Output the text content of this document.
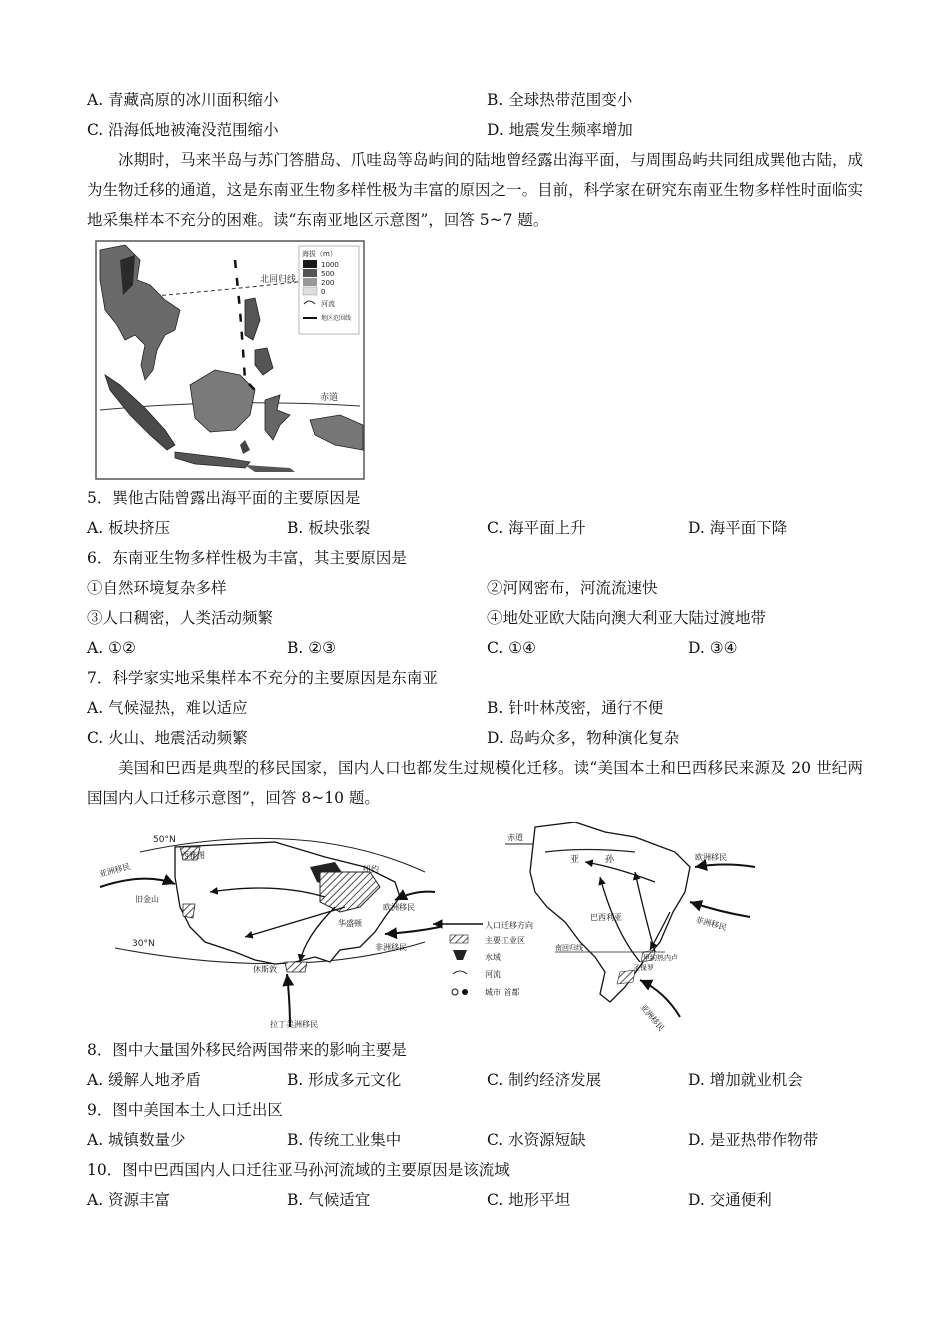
A. 青藏高原的冰川面积缩小	B. 全球热带范围变小
C. 沿海低地被淹没范围缩小	D. 地震发生频率增加
冰期时，马来半岛与苏门答腊岛、爪哇岛等岛屿间的陆地曾经露出海平面，与周围岛屿共同组成巽他古陆，成为生物迁移的通道，这是东南亚生物多样性极为丰富的原因之一。目前，科学家在研究东南亚生物多样性时面临实地采集样本不充分的困难。读“东南亚地区示意图”，回答 5~7 题。
北回归线
赤道
海拔（m）
1000
500
200
0
河流
地区范围线
5．巽他古陆曾露出海平面的主要原因是
A. 板块挤压	B. 板块张裂	C. 海平面上升	D. 海平面下降
6．东南亚生物多样性极为丰富，其主要原因是
①自然环境复杂多样	②河网密布，河流流速快
③人口稠密，人类活动频繁	④地处亚欧大陆向澳大利亚大陆过渡地带
A. ①②	B. ②③	C. ①④	D. ③④
7．科学家实地采集样本不充分的主要原因是东南亚
A. 气候湿热，难以适应	B. 针叶林茂密，通行不便
C. 火山、地震活动频繁	D. 岛屿众多，物种演化复杂
美国和巴西是典型的移民国家，国内人口也都发生过规模化迁移。读“美国本土和巴西移民来源及 20 世纪两国国内人口迁移示意图”，回答 8~10 题。
50°N
30°N
西雅图
旧金山
亚洲移民	纽约
华盛顿
欧洲移民
非洲移民
休斯敦
拉丁美洲移民
人口迁移方向
主要工业区
水域
河流
城市 首都
赤道
欧洲移民
非洲移民
亚洲移民
亚	孙
巴西利亚
里约热内卢
圣保罗
南回归线
8．图中大量国外移民给两国带来的影响主要是
A. 缓解人地矛盾	B. 形成多元文化	C. 制约经济发展	D. 增加就业机会
9．图中美国本土人口迁出区
A. 城镇数量少	B. 传统工业集中	C. 水资源短缺	D. 是亚热带作物带
10．图中巴西国内人口迁往亚马孙河流域的主要原因是该流域
A. 资源丰富	B. 气候适宜	C. 地形平坦	D. 交通便利
